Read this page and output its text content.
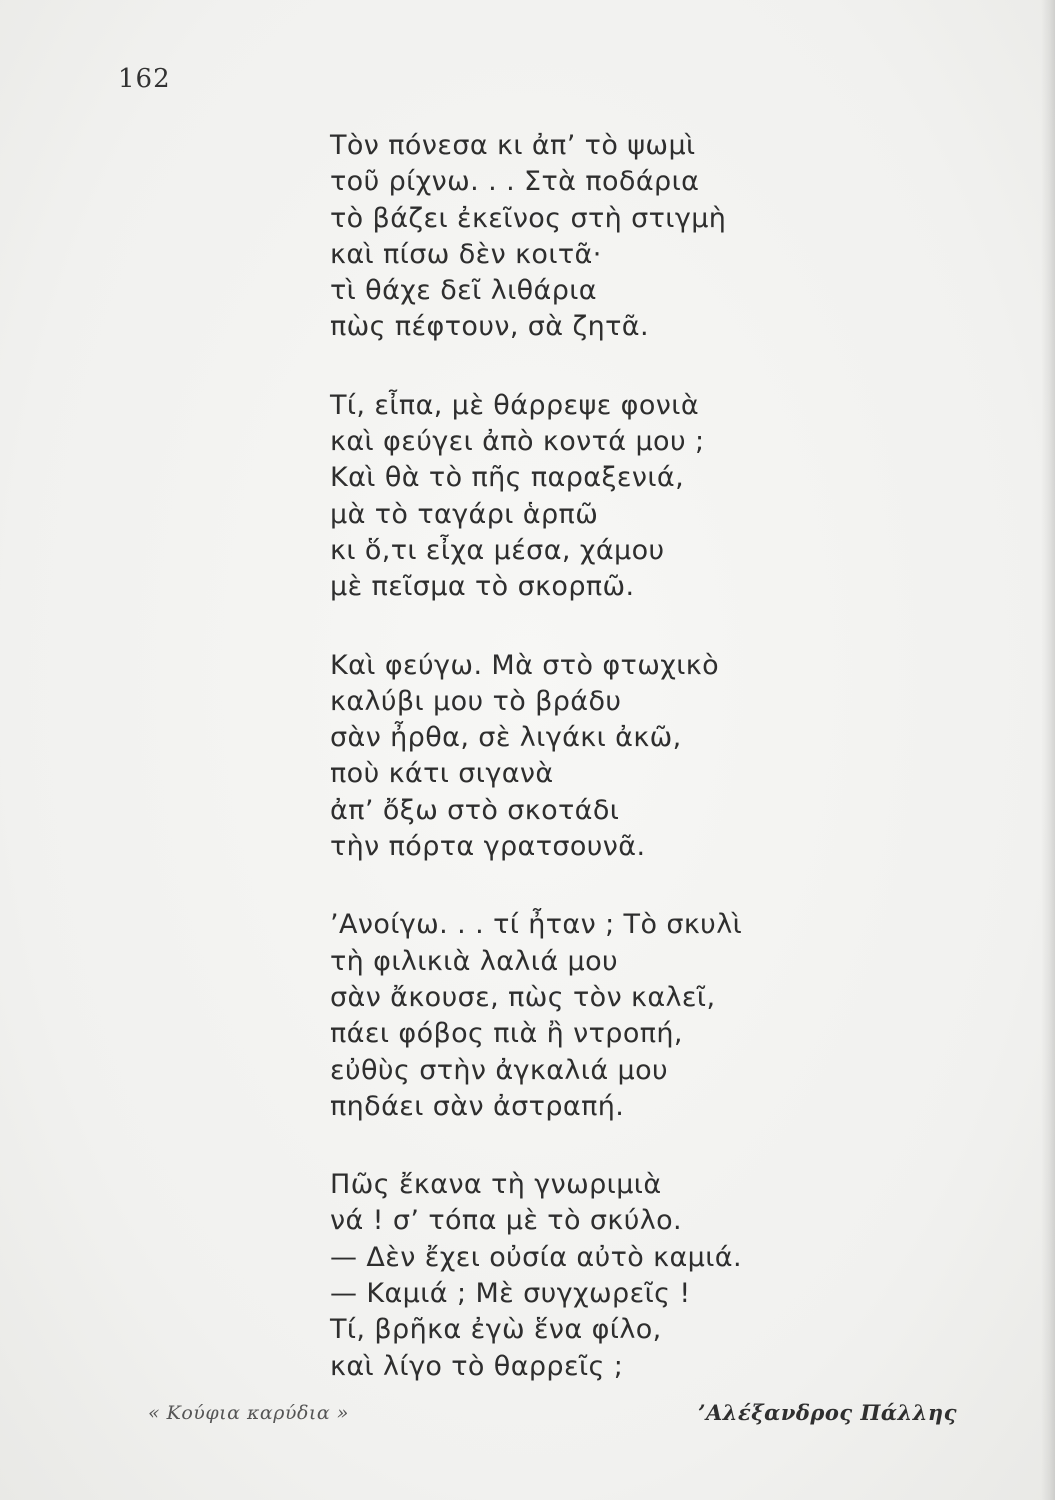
162
Τὸν πόνεσα κι ἀπ’ τὸ ψωμὶ
τοῦ ρίχνω. . . Στὰ ποδάρια
τὸ βάζει ἐκεῖνος στὴ στιγμὴ
καὶ πίσω δὲν κοιτᾶ·
τὶ θάχε δεῖ λιθάρια
πὼς πέφτουν, σὰ ζητᾶ.
Τί, εἶπα, μὲ θάρρεψε φονιὰ
καὶ φεύγει ἀπὸ κοντά μου ;
Καὶ θὰ τὸ πῆς παραξενιά,
μὰ τὸ ταγάρι ἁρπῶ
κι ὅ,τι εἶχα μέσα, χάμου
μὲ πεῖσμα τὸ σκορπῶ.
Καὶ φεύγω. Μὰ στὸ φτωχικὸ
καλύβι μου τὸ βράδυ
σὰν ἦρθα, σὲ λιγάκι ἀκῶ,
ποὺ κάτι σιγανὰ
ἀπ’ ὄξω στὸ σκοτάδι
τὴν πόρτα γρατσουνᾶ.
’Ανοίγω. . . τί ἦταν ; Τὸ σκυλὶ
τὴ φιλικιὰ λαλιά μου
σὰν ἄκουσε, πὼς τὸν καλεῖ,
πάει φόβος πιὰ ἢ ντροπή,
εὐθὺς στὴν ἀγκαλιά μου
πηδάει σὰν ἀστραπή.
Πῶς ἔκανα τὴ γνωριμιὰ
νά ! σ’ τόπα μὲ τὸ σκύλο.
— Δὲν ἔχει οὐσία αὐτὸ καμιά.
— Καμιά ; Μὲ συγχωρεῖς !
Τί, βρῆκα ἐγὼ ἕνα φίλο,
καὶ λίγο τὸ θαρρεῖς ;
« Κούφια καρύδια »	’Αλέξανδρος Πάλλης
